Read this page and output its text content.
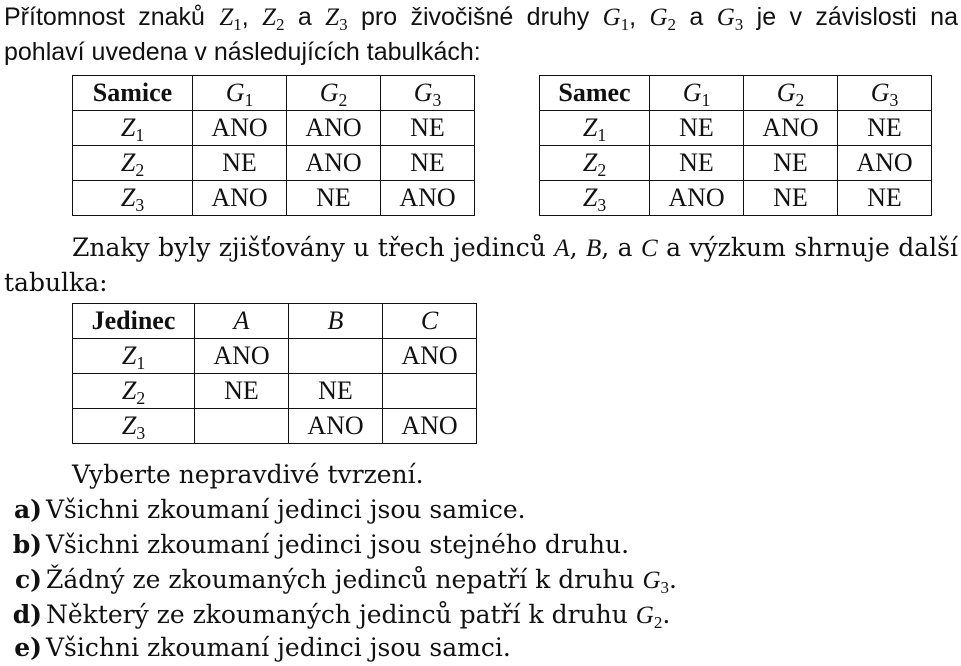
Přítomnost znaků $Z_1$, $Z_2$ a $Z_3$ pro živočišné druhy $G_1$, $G_2$ a $G_3$ je v závislosti na
pohlaví uvedena v následujících tabulkách:
Samice	$G_1$	$G_2$	$G_3$
$Z_1$	ANO	ANO	NE
$Z_2$	NE	ANO	NE
$Z_3$	ANO	NE	ANO
Samec	$G_1$	$G_2$	$G_3$
$Z_1$	NE	ANO	NE
$Z_2$	NE	NE	ANO
$Z_3$	ANO	NE	NE
Znaky byly zjišťovány u třech jedinců A, B, a C a výzkum shrnuje další
tabulka:
Jedinec	A	B	C
$Z_1$	ANO		ANO
$Z_2$	NE	NE	
$Z_3$		ANO	ANO
Vyberte nepravdivé tvrzení.
a) Všichni zkoumaní jedinci jsou samice.
b) Všichni zkoumaní jedinci jsou stejného druhu.
c) Žádný ze zkoumaných jedinců nepatří k druhu $G_3$.
d) Některý ze zkoumaných jedinců patří k druhu $G_2$.
e) Všichni zkoumaní jedinci jsou samci.
